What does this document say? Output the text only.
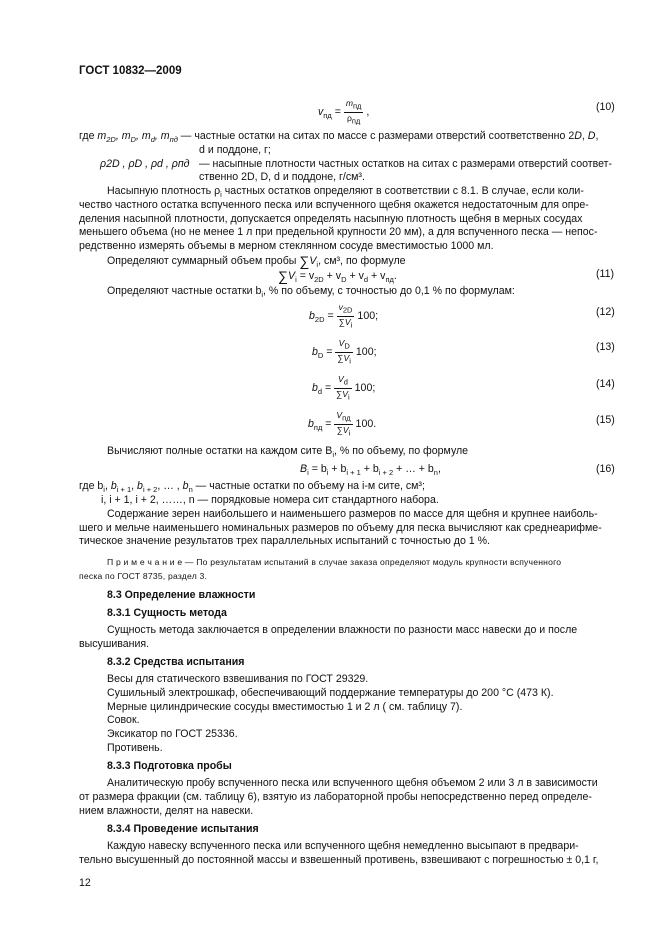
ГОСТ 10832—2009
$v_{пд} = \frac{m_{пд}}{\rho_{пд}}$ ,	(10)
где $m_{2D}$, $m_D$, $m_d$, $m_{пд}$ — частные остатки на ситах по массе с размерами отверстий соответственно 2D, D,
d и поддоне, г;
ρ2D , ρD , ρd , ρпд — насыпные плотности частных остатков на ситах с размерами отверстий соответ-
ственно 2D, D, d и поддоне, г/см³.
Насыпную плотность $\rho_i$ частных остатков определяют в соответствии с 8.1. В случае, если коли-
чество частного остатка вспученного песка или вспученного щебня окажется недостаточным для опре-
деления насыпной плотности, допускается определять насыпную плотность щебня в мерных сосудах
меньшего объема (но не менее 1 л при предельной крупности 20 мм), а для вспученного песка — непос-
редственно измерять объемы в мерном стеклянном сосуде вместимостью 1000 мл.
Определяют суммарный объем пробы $\sum V_i$, см³, по формуле
$\sum V_i = v_{2D} + v_D + v_d + v_{пд}$.	(11)
Определяют частные остатки $b_i$, % по объему, с точностью до 0,1 % по формулам:
$b_{2D} = \frac{v_{2D}}{\sum V_i} 100$;	(12)
$b_D = \frac{V_D}{\sum V_i} 100$;	(13)
$b_d = \frac{V_d}{\sum V_i} 100$;	(14)
$b_{пд} = \frac{V_{пд}}{\sum V_i} 100$.	(15)
Вычисляют полные остатки на каждом сите $B_i$, % по объему, по формуле
$B_i = b_i + b_{i + 1} + b_{i + 2}$ + … + $b_n$,	(16)
где $b_i$, $b_{i + 1}$, $b_{i + 2}$, … , $b_n$ — частные остатки по объему на i-м сите, см³;
i, i + 1, i + 2, ……, n — порядковые номера сит стандартного набора.
Содержание зерен наибольшего и наименьшего размеров по массе для щебня и крупнее наиболь-
шего и мельче наименьшего номинальных размеров по объему для песка вычисляют как среднеарифме-
тическое значение результатов трех параллельных испытаний с точностью до 1 %.
П р и м е ч а н и е — По результатам испытаний в случае заказа определяют модуль крупности вспученного
песка по ГОСТ 8735, раздел 3.
8.3 Определение влажности
8.3.1 Сущность метода
Сущность метода заключается в определении влажности по разности масс навески до и после
высушивания.
8.3.2 Средства испытания
Весы для статического взвешивания по ГОСТ 29329.
Сушильный электрошкаф, обеспечивающий поддержание температуры до 200 °С (473 К).
Мерные цилиндрические сосуды вместимостью 1 и 2 л ( см. таблицу 7).
Совок.
Эксикатор по ГОСТ 25336.
Противень.
8.3.3 Подготовка пробы
Аналитическую пробу вспученного песка или вспученного щебня объемом 2 или 3 л в зависимости
от размера фракции (см. таблицу 6), взятую из лабораторной пробы непосредственно перед определе-
нием влажности, делят на навески.
8.3.4 Проведение испытания
Каждую навеску вспученного песка или вспученного щебня немедленно высыпают в предвари-
тельно высушенный до постоянной массы и взвешенный противень, взвешивают с погрешностью ± 0,1 г,
12
